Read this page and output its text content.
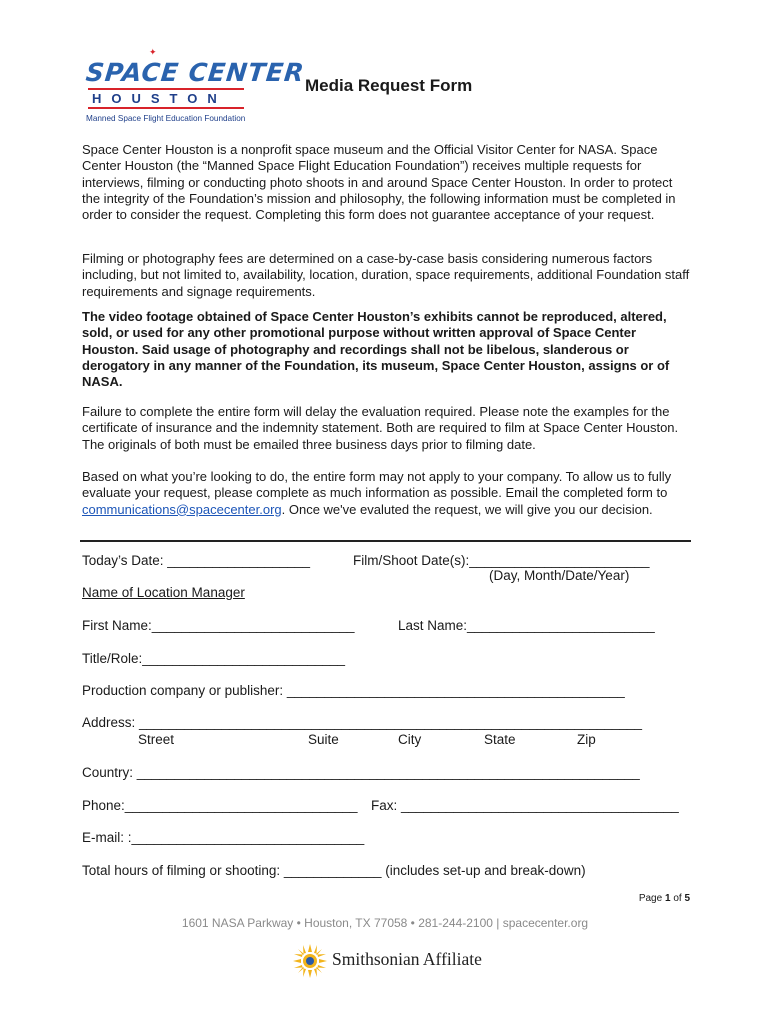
✦
SPACE CENTER
HOUSTON
Manned Space Flight Education Foundation
Media Request Form

Space Center Houston is a nonprofit space museum and the Official Visitor Center for NASA. Space Center Houston (the “Manned Space Flight Education Foundation”) receives multiple requests for interviews, filming or conducting photo shoots in and around Space Center Houston. In order to protect the integrity of the Foundation’s mission and philosophy, the following information must be completed in order to consider the request. Completing this form does not guarantee acceptance of your request.

Filming or photography fees are determined on a case-by-case basis considering numerous factors including, but not limited to, availability, location, duration, space requirements, additional Foundation staff requirements and signage requirements.

The video footage obtained of Space Center Houston’s exhibits cannot be reproduced, altered, sold, or used for any other promotional purpose without written approval of Space Center Houston. Said usage of photography and recordings shall not be libelous, slanderous or derogatory in any manner of the Foundation, its museum, Space Center Houston, assigns or of NASA.

Failure to complete the entire form will delay the evaluation required. Please note the examples for the certificate of insurance and the indemnity statement. Both are required to film at Space Center Houston. The originals of both must be emailed three business days prior to filming date.

Based on what you’re looking to do, the entire form may not apply to your company. To allow us to fully evaluate your request, please complete as much information as possible. Email the completed form to communications@spacecenter.org. Once we've evaluted the request, we will give you our decision.

Today’s Date: ___________________	Film/Shoot Date(s):________________________
(Day, Month/Date/Year)
Name of Location Manager
First Name:___________________________	Last Name:_________________________
Title/Role:___________________________
Production company or publisher: _____________________________________________
Address: ___________________________________________________________________
Street	Suite	City	State	Zip
Country: ___________________________________________________________________
Phone:_______________________________ Fax: _____________________________________
E-mail: :_______________________________
Total hours of filming or shooting: _____________ (includes set-up and break-down)
Page 1 of 5
1601 NASA Parkway • Houston, TX 77058 • 281-244-2100 | spacecenter.org
Smithsonian Affiliate
